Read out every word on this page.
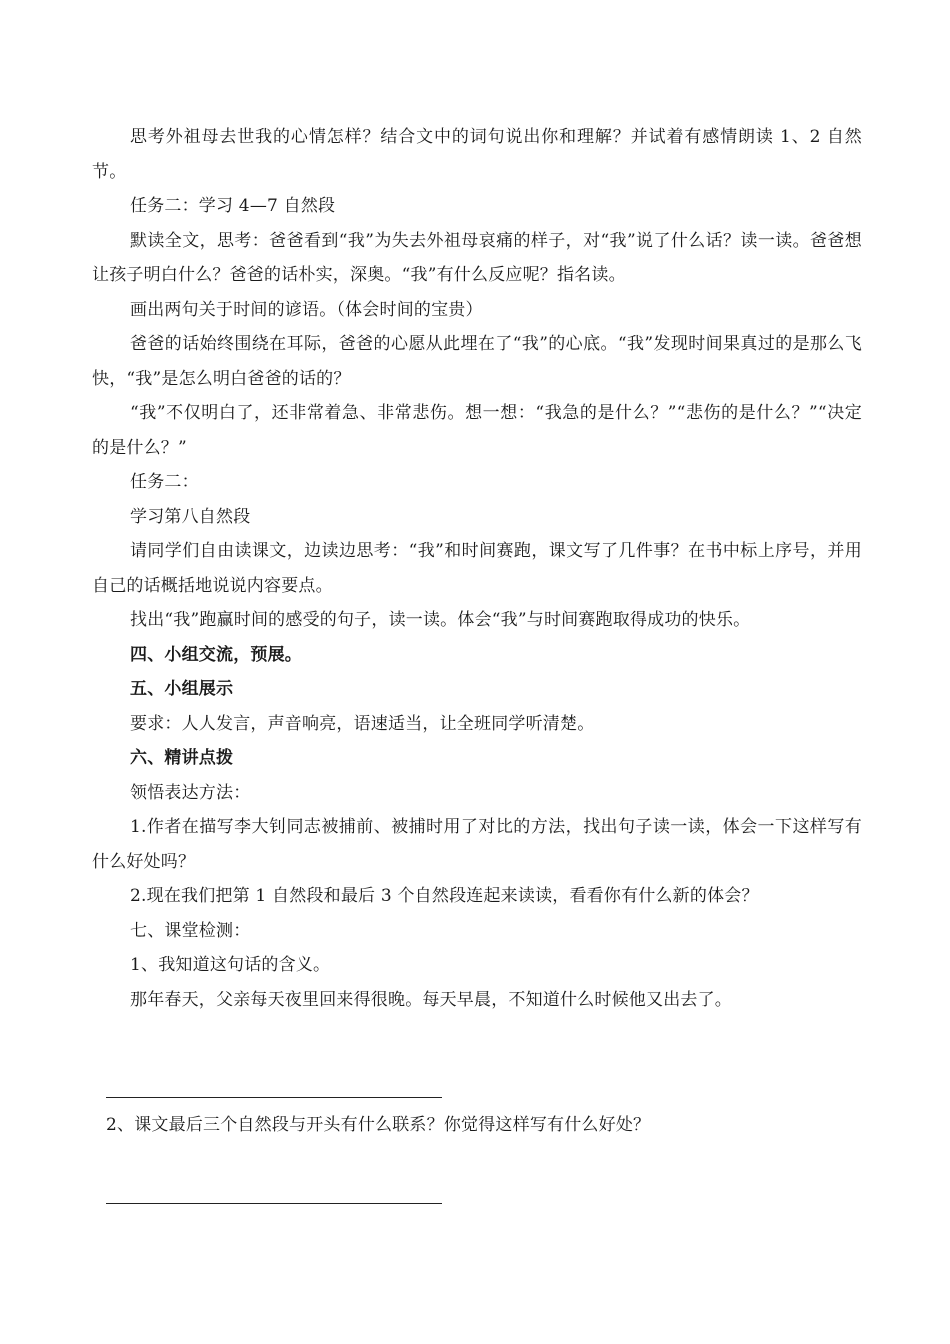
思考外祖母去世我的心情怎样？结合文中的词句说出你和理解？并试着有感情朗读 1、2 自然节。

任务二：学习 4—7 自然段

默读全文，思考：爸爸看到“我”为失去外祖母哀痛的样子，对“我”说了什么话？读一读。爸爸想让孩子明白什么？爸爸的话朴实，深奥。“我”有什么反应呢？指名读。

画出两句关于时间的谚语。（体会时间的宝贵）

爸爸的话始终围绕在耳际，爸爸的心愿从此埋在了“我”的心底。“我”发现时间果真过的是那么飞快，“我”是怎么明白爸爸的话的？

“我”不仅明白了，还非常着急、非常悲伤。想一想：“我急的是什么？”“悲伤的是什么？”“决定的是什么？”

任务二：

学习第八自然段

请同学们自由读课文，边读边思考：“我”和时间赛跑，课文写了几件事？在书中标上序号，并用自己的话概括地说说内容要点。

找出“我”跑赢时间的感受的句子，读一读。体会“我”与时间赛跑取得成功的快乐。

四、小组交流，预展。

五、小组展示

要求：人人发言，声音响亮，语速适当，让全班同学听清楚。

六、精讲点拨

领悟表达方法：

1.作者在描写李大钊同志被捕前、被捕时用了对比的方法，找出句子读一读，体会一下这样写有什么好处吗？

2.现在我们把第 1 自然段和最后 3 个自然段连起来读读，看看你有什么新的体会？

七、课堂检测：

1、我知道这句话的含义。

那年春天，父亲每天夜里回来得很晚。每天早晨，不知道什么时候他又出去了。

2、课文最后三个自然段与开头有什么联系？你觉得这样写有什么好处？
